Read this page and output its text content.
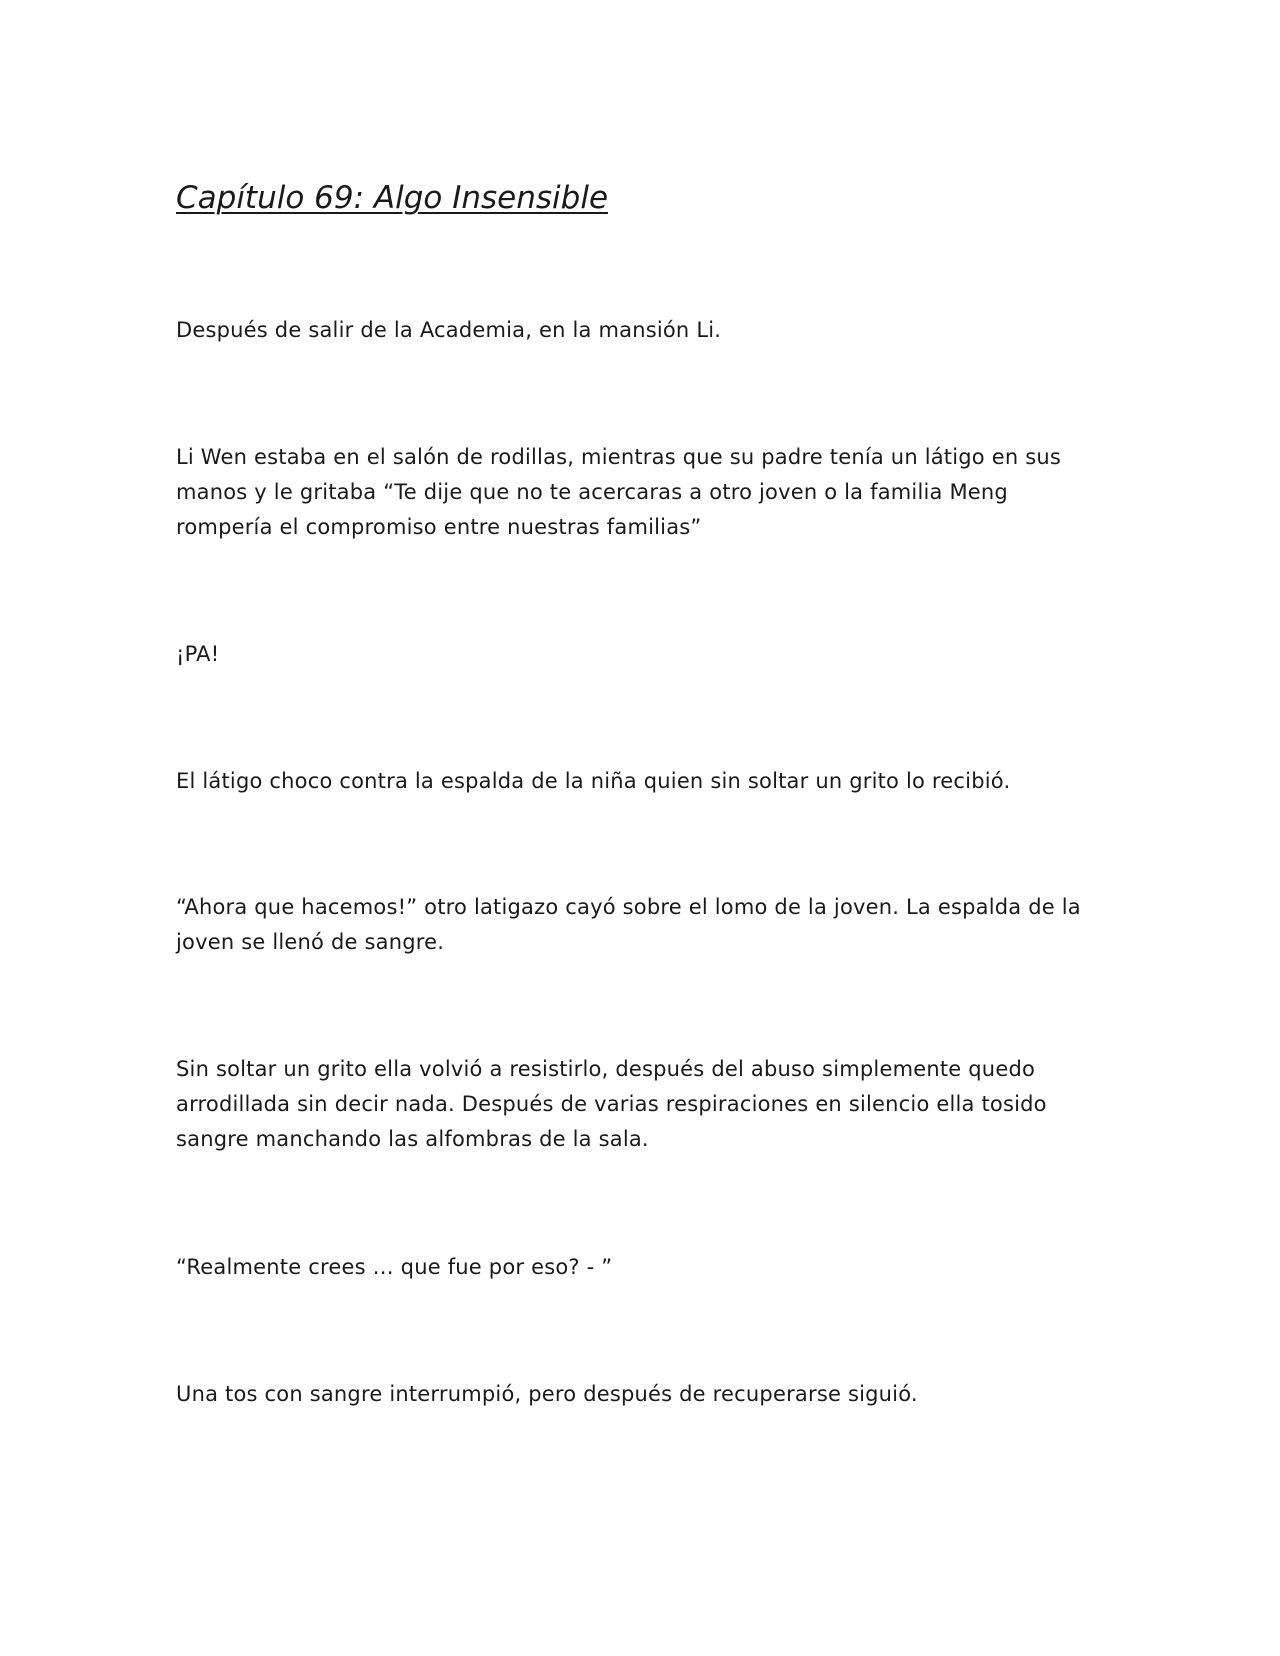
Capítulo 69: Algo Insensible

Después de salir de la Academia, en la mansión Li.

Li Wen estaba en el salón de rodillas, mientras que su padre tenía un látigo en sus
manos y le gritaba “Te dije que no te acercaras a otro joven o la familia Meng
rompería el compromiso entre nuestras familias”

¡PA!

El látigo choco contra la espalda de la niña quien sin soltar un grito lo recibió.

“Ahora que hacemos!” otro latigazo cayó sobre el lomo de la joven. La espalda de la
joven se llenó de sangre.

Sin soltar un grito ella volvió a resistirlo, después del abuso simplemente quedo
arrodillada sin decir nada. Después de varias respiraciones en silencio ella tosido
sangre manchando las alfombras de la sala.

“Realmente crees … que fue por eso? - ”

Una tos con sangre interrumpió, pero después de recuperarse siguió.
